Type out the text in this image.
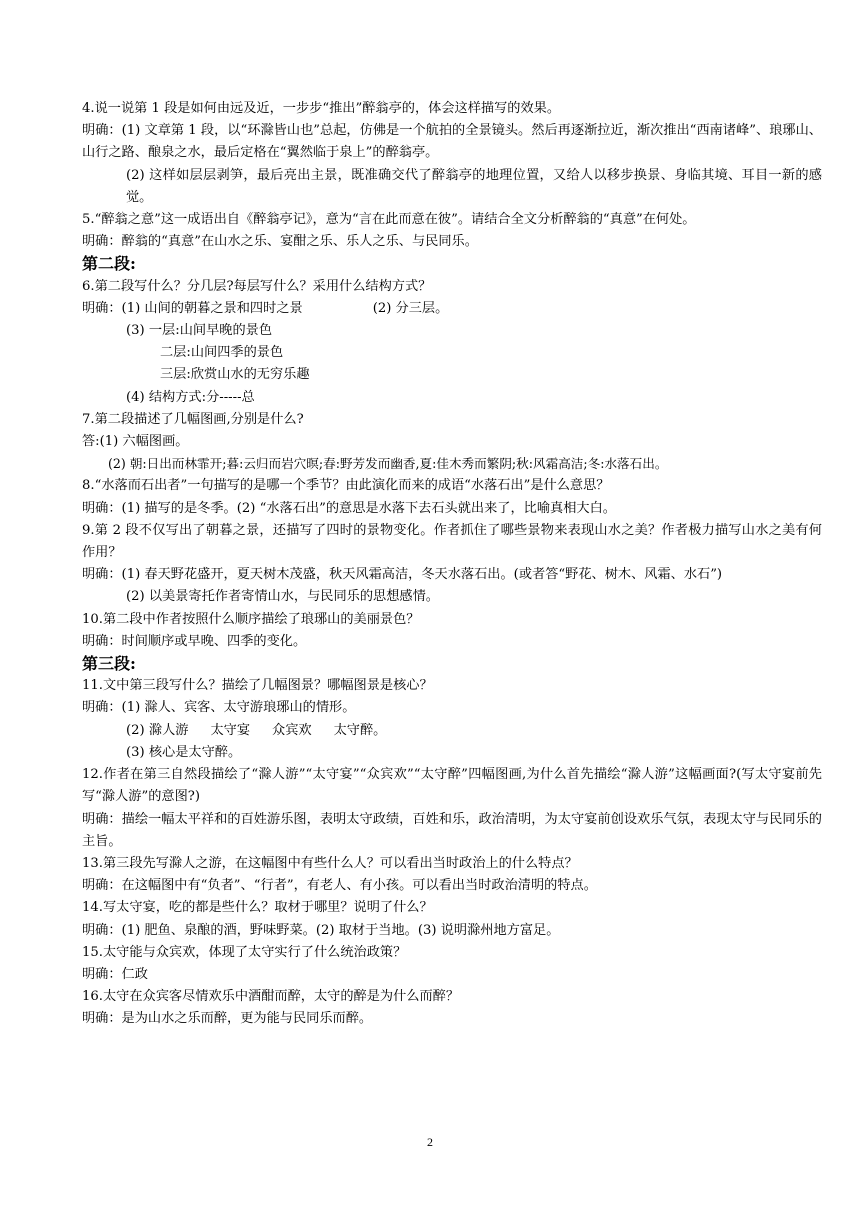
4.说一说第 1 段是如何由远及近，一步步“推出”醉翁亭的，体会这样描写的效果。

明确：(1) 文章第 1 段，以“环滁皆山也”总起，仿佛是一个航拍的全景镜头。然后再逐渐拉近，渐次推出“西南诸峰”、琅琊山、山行之路、酿泉之水，最后定格在“翼然临于泉上”的醉翁亭。

(2) 这样如层层剥笋，最后亮出主景，既准确交代了醉翁亭的地理位置，又给人以移步换景、身临其境、耳目一新的感觉。

5.“醉翁之意”这一成语出自《醉翁亭记》，意为“言在此而意在彼”。请结合全文分析醉翁的“真意”在何处。

明确：醉翁的“真意”在山水之乐、宴酣之乐、乐人之乐、与民同乐。

第二段:

6.第二段写什么？分几层?每层写什么？采用什么结构方式？

明确：(1) 山间的朝暮之景和四时之景	(2) 分三层。

(3) 一层:山间早晚的景色

二层:山间四季的景色

三层:欣赏山水的无穷乐趣

(4) 结构方式:分-----总

7.第二段描述了几幅图画,分别是什么?

答:(1) 六幅图画。

(2) 朝:日出而林霏开;暮:云归而岩穴暝;春:野芳发而幽香,夏:佳木秀而繁阴;秋:风霜高洁;冬:水落石出。

8.“水落而石出者”一句描写的是哪一个季节？由此演化而来的成语“水落石出”是什么意思？

明确：(1) 描写的是冬季。(2) “水落石出”的意思是水落下去石头就出来了，比喻真相大白。

9.第 2 段不仅写出了朝暮之景，还描写了四时的景物变化。作者抓住了哪些景物来表现山水之美？作者极力描写山水之美有何作用？

明确：(1) 春天野花盛开，夏天树木茂盛，秋天风霜高洁，冬天水落石出。(或者答“野花、树木、风霜、水石”)

(2) 以美景寄托作者寄情山水，与民同乐的思想感情。

10.第二段中作者按照什么顺序描绘了琅琊山的美丽景色？

明确：时间顺序或早晚、四季的变化。

第三段:

11.文中第三段写什么？描绘了几幅图景？哪幅图景是核心？

明确：(1) 滁人、宾客、太守游琅琊山的情形。

(2) 滁人游 太守宴 众宾欢 太守醉。

(3) 核心是太守醉。

12.作者在第三自然段描绘了“滁人游”“太守宴”“众宾欢”“太守醉”四幅图画,为什么首先描绘“滁人游”这幅画面?(写太守宴前先写“滁人游”的意图?)

明确：描绘一幅太平祥和的百姓游乐图，表明太守政绩，百姓和乐，政治清明，为太守宴前创设欢乐气氛，表现太守与民同乐的主旨。

13.第三段先写滁人之游，在这幅图中有些什么人？可以看出当时政治上的什么特点？

明确：在这幅图中有“负者”、“行者”，有老人、有小孩。可以看出当时政治清明的特点。

14.写太守宴，吃的都是些什么？取材于哪里？说明了什么？

明确：(1) 肥鱼、泉酿的酒，野味野菜。(2) 取材于当地。(3) 说明滁州地方富足。

15.太守能与众宾欢，体现了太守实行了什么统治政策？

明确：仁政

16.太守在众宾客尽情欢乐中酒酣而醉，太守的醉是为什么而醉？

明确：是为山水之乐而醉，更为能与民同乐而醉。

2
